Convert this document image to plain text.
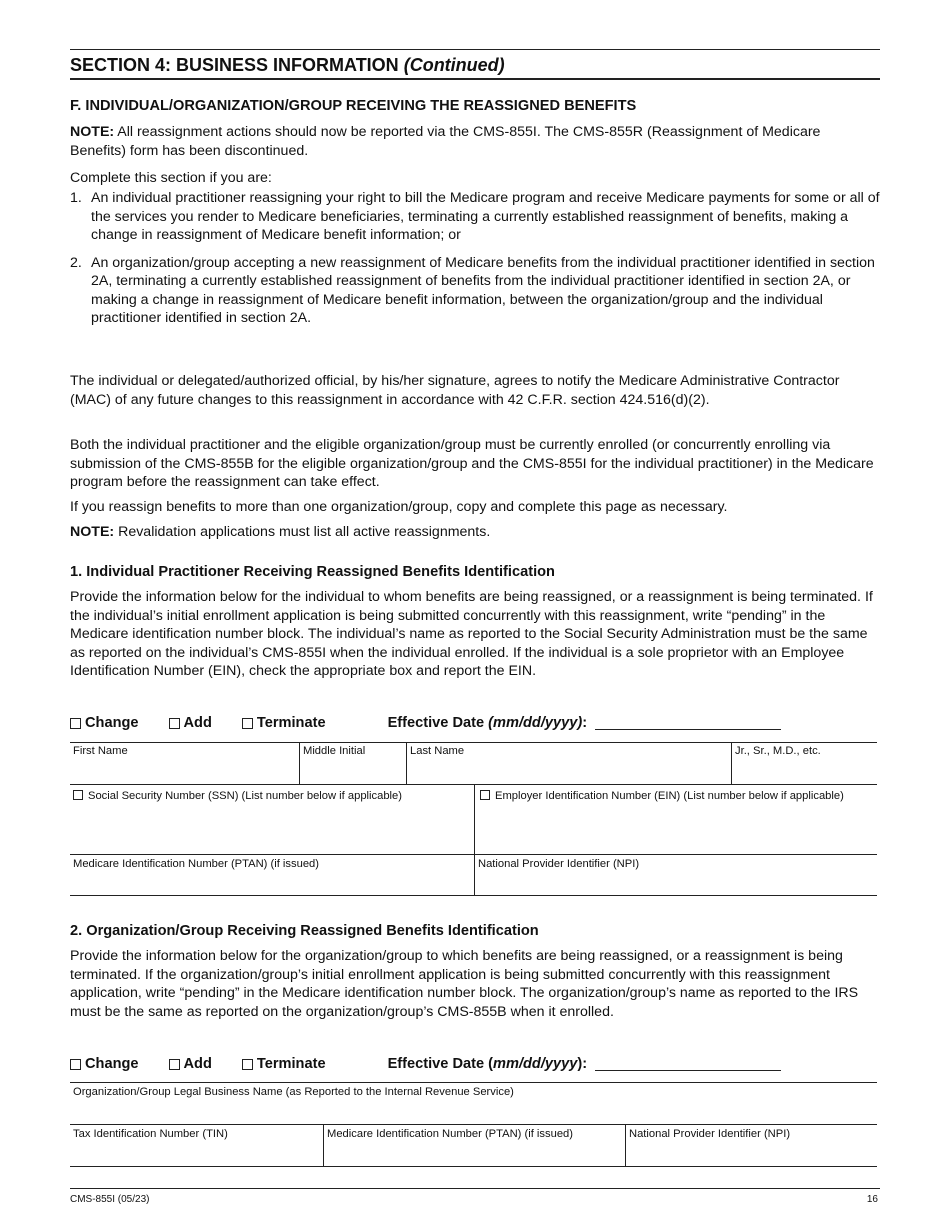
SECTION 4: BUSINESS INFORMATION (Continued)
F. INDIVIDUAL/ORGANIZATION/GROUP RECEIVING THE REASSIGNED BENEFITS
NOTE: All reassignment actions should now be reported via the CMS-855I. The CMS-855R (Reassignment of Medicare Benefits) form has been discontinued.
Complete this section if you are:
1. An individual practitioner reassigning your right to bill the Medicare program and receive Medicare payments for some or all of the services you render to Medicare beneficiaries, terminating a currently established reassignment of benefits, making a change in reassignment of Medicare benefit information; or
2. An organization/group accepting a new reassignment of Medicare benefits from the individual practitioner identified in section 2A, terminating a currently established reassignment of benefits from the individual practitioner identified in section 2A, or making a change in reassignment of Medicare benefit information, between the organization/group and the individual practitioner identified in section 2A.
The individual or delegated/authorized official, by his/her signature, agrees to notify the Medicare Administrative Contractor (MAC) of any future changes to this reassignment in accordance with 42 C.F.R. section 424.516(d)(2).
Both the individual practitioner and the eligible organization/group must be currently enrolled (or concurrently enrolling via submission of the CMS-855B for the eligible organization/group and the CMS-855I for the individual practitioner) in the Medicare program before the reassignment can take effect.
If you reassign benefits to more than one organization/group, copy and complete this page as necessary.
NOTE: Revalidation applications must list all active reassignments.
1. Individual Practitioner Receiving Reassigned Benefits Identification
Provide the information below for the individual to whom benefits are being reassigned, or a reassignment is being terminated. If the individual’s initial enrollment application is being submitted concurrently with this reassignment, write “pending” in the Medicare identification number block. The individual’s name as reported to the Social Security Administration must be the same as reported on the individual’s CMS-855I when the individual enrolled. If the individual is a sole proprietor with an Employee Identification Number (EIN), check the appropriate box and report the EIN.
Change	Add	Terminate	Effective Date (mm/dd/yyyy):
First Name	Middle Initial	Last Name	Jr., Sr., M.D., etc.
Social Security Number (SSN) (List number below if applicable)	Employer Identification Number (EIN) (List number below if applicable)
Medicare Identification Number (PTAN) (if issued)	National Provider Identifier (NPI)
2. Organization/Group Receiving Reassigned Benefits Identification
Provide the information below for the organization/group to which benefits are being reassigned, or a reassignment is being terminated. If the organization/group’s initial enrollment application is being submitted concurrently with this reassignment application, write “pending” in the Medicare identification number block. The organization/group’s name as reported to the IRS must be the same as reported on the organization/group’s CMS-855B when it enrolled.
Change	Add	Terminate	Effective Date (mm/dd/yyyy):
Organization/Group Legal Business Name (as Reported to the Internal Revenue Service)
Tax Identification Number (TIN)	Medicare Identification Number (PTAN) (if issued)	National Provider Identifier (NPI)
CMS-855I (05/23)	16
